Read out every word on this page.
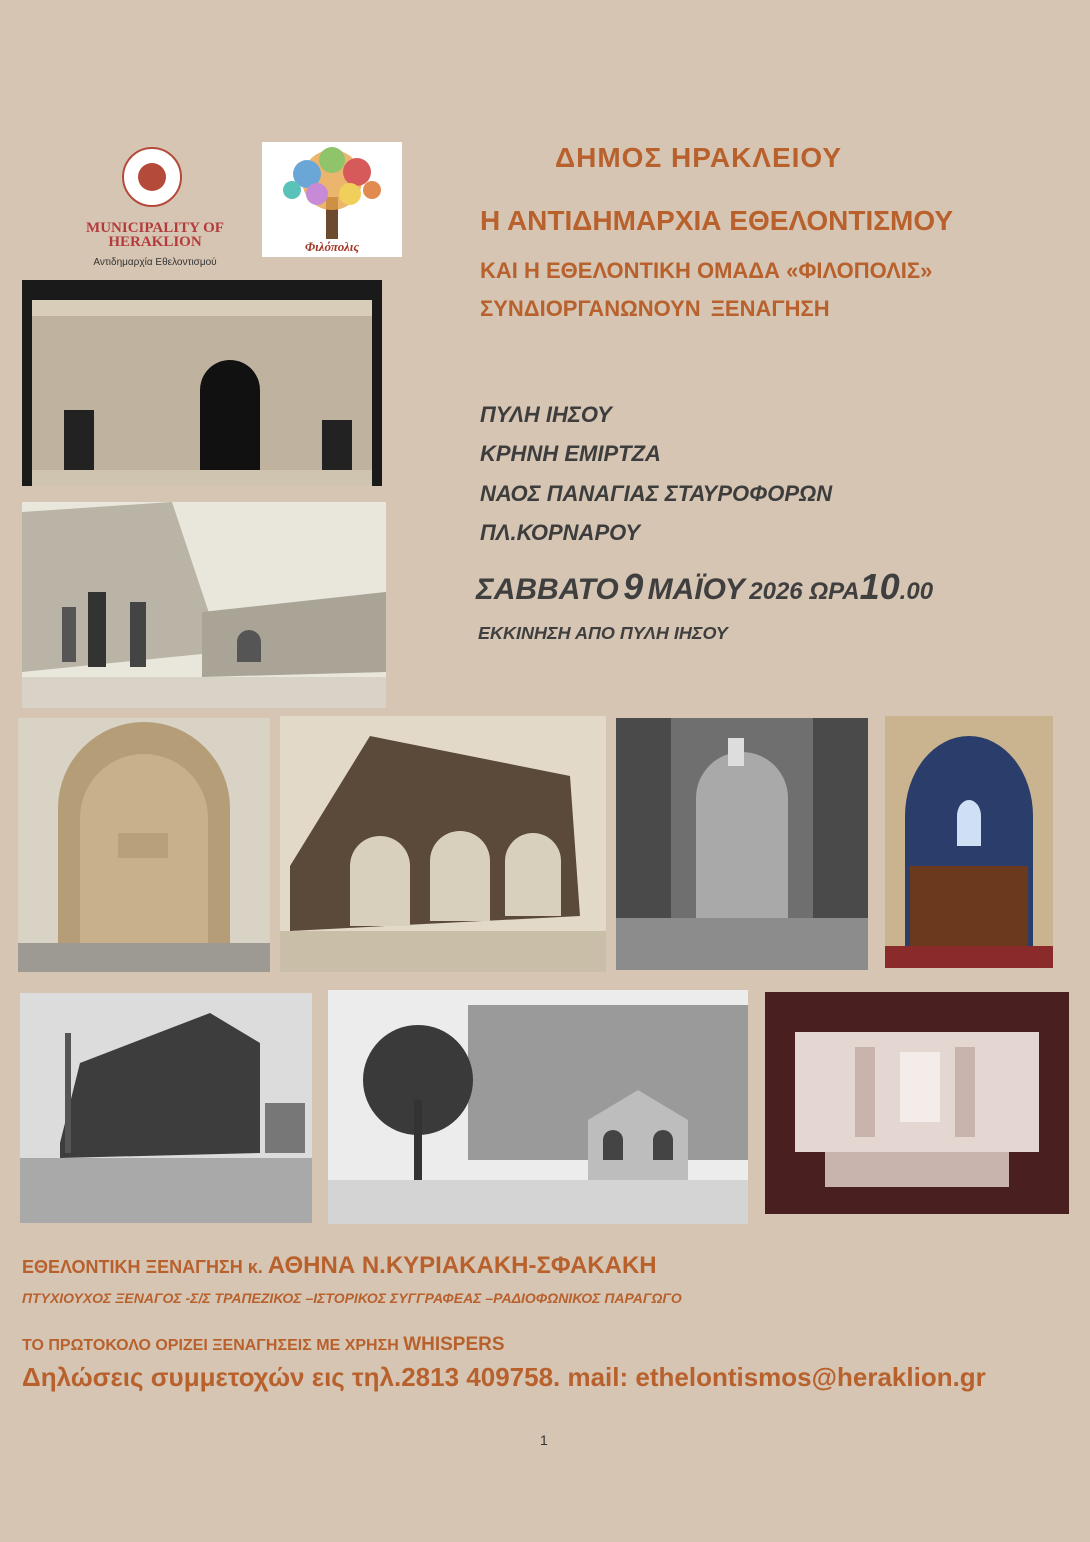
MUNICIPALITY OF
HERAKLION
Αντιδημαρχία Εθελοντισμού
Φιλόπολις
ΔΗΜΟΣ ΗΡΑΚΛΕΙΟΥ
Η ΑΝΤΙΔΗΜΑΡΧΙΑ ΕΘΕΛΟΝΤΙΣΜΟΥ
ΚΑΙ Η ΕΘΕΛΟΝΤΙΚΗ ΟΜΑΔΑ «ΦΙΛΟΠΟΛΙΣ»
ΣΥΝΔΙΟΡΓΑΝΩΝΟΥΝ ΞΕΝΑΓΗΣΗ
ΠΥΛΗ ΙΗΣΟΥ
ΚΡΗΝΗ ΕΜΙΡΤΖΑ
ΝΑΟΣ ΠΑΝΑΓΙΑΣ ΣΤΑΥΡΟΦΟΡΩΝ
ΠΛ.ΚΟΡΝΑΡΟΥ
ΣΑΒΒΑΤΟ 9 ΜΑΪΟΥ 2026 ΩΡΑ10.00
ΕΚΚΙΝΗΣΗ ΑΠΟ ΠΥΛΗ ΙΗΣΟΥ
ΕΘΕΛΟΝΤΙΚΗ ΞΕΝΑΓΗΣΗ κ. ΑΘΗΝΑ Ν.ΚΥΡΙΑΚΑΚΗ-ΣΦΑΚΑΚΗ
ΠΤΥΧΙΟΥΧΟΣ ΞΕΝΑΓΟΣ -Σ/Σ ΤΡΑΠΕΖΙΚΟΣ –ΙΣΤΟΡΙΚΟΣ ΣΥΓΓΡΑΦΕΑΣ –ΡΑΔΙΟΦΩΝΙΚΟΣ ΠΑΡΑΓΩΓΟ
ΤΟ ΠΡΩΤΟΚΟΛΟ ΟΡΙΖΕΙ ΞΕΝΑΓΗΣΕΙΣ ΜΕ ΧΡΗΣΗ WHISPERS
Δηλώσεις συμμετοχών εις τηλ.2813 409758. mail: ethelontismos@heraklion.gr
1
